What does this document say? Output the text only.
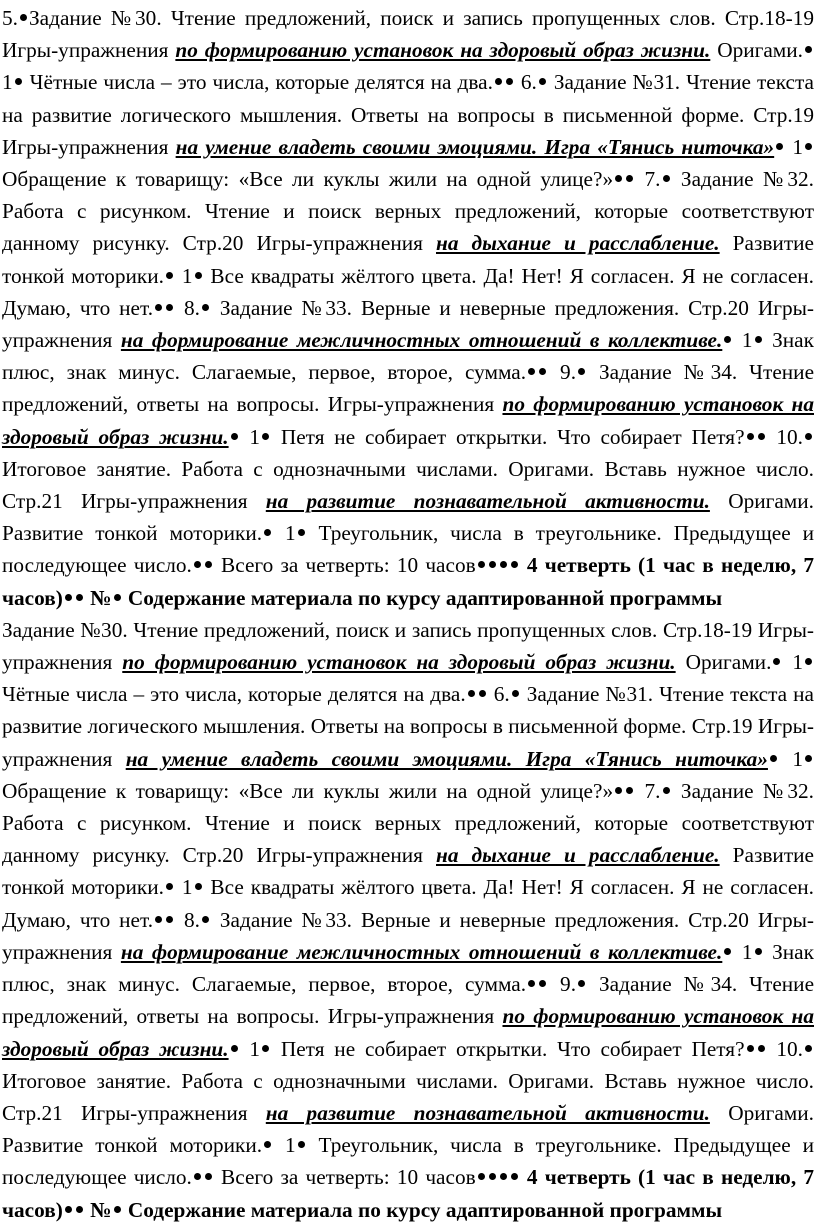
5. Задание №30. Чтение предложений, поиск и запись пропущенных слов. Стр.18-19 Игры-упражнения по формированию установок на здоровый образ жизни. Оригами. 1 Чётные числа – это числа, которые делятся на два. 6. Задание №31. Чтение текста на развитие логического мышления. Ответы на вопросы в письменной форме. Стр.19 Игры-упражнения на умение владеть своими эмоциями. Игра «Тянись ниточка» 1 Обращение к товарищу: «Все ли куклы жили на одной улице?» 7. Задание №32. Работа с рисунком. Чтение и поиск верных предложений, которые соответствуют данному рисунку. Стр.20 Игры-упражнения на дыхание и расслабление. Развитие тонкой моторики. 1 Все квадраты жёлтого цвета. Да! Нет! Я согласен. Я не согласен. Думаю, что нет. 8. Задание №33. Верные и неверные предложения. Стр.20 Игры-упражнения на формирование межличностных отношений в коллективе. 1 Знак плюс, знак минус. Слагаемые, первое, второе, сумма. 9. Задание №34. Чтение предложений, ответы на вопросы. Игры-упражнения по формированию установок на здоровый образ жизни. 1 Петя не собирает открытки. Что собирает Петя? 10. Итоговое занятие. Работа с однозначными числами. Оригами. Вставь нужное число. Стр.21 Игры-упражнения на развитие познавательной активности. Оригами. Развитие тонкой моторики. 1 Треугольник, числа в треугольнике. Предыдущее и последующее число. Всего за четверть: 10 часов 4 четверть (1 час в неделю, 7 часов) № Содержание материала по курсу адаптированной программы

Задание №30. Чтение предложений, поиск и запись пропущенных слов. Стр.18-19 Игры-упражнения по формированию установок на здоровый образ жизни. Оригами. 1 Чётные числа – это числа, которые делятся на два. 6. Задание №31. Чтение текста на развитие логического мышления. Ответы на вопросы в письменной форме. Стр.19 Игры-упражнения на умение владеть своими эмоциями. Игра «Тянись ниточка» 1 Обращение к товарищу: «Все ли куклы жили на одной улице?» 7. Задание №32. Работа с рисунком. Чтение и поиск верных предложений, которые соответствуют данному рисунку. Стр.20 Игры-упражнения на дыхание и расслабление. Развитие тонкой моторики. 1 Все квадраты жёлтого цвета. Да! Нет! Я согласен. Я не согласен. Думаю, что нет. 8. Задание №33. Верные и неверные предложения. Стр.20 Игры-упражнения на формирование межличностных отношений в коллективе. 1 Знак плюс, знак минус. Слагаемые, первое, второе, сумма. 9. Задание №34. Чтение предложений, ответы на вопросы. Игры-упражнения по формированию установок на здоровый образ жизни. 1 Петя не собирает открытки. Что собирает Петя? 10. Итоговое занятие. Работа с однозначными числами. Оригами. Вставь нужное число. Стр.21 Игры-упражнения на развитие познавательной активности. Оригами. Развитие тонкой моторики. 1 Треугольник, числа в треугольнике. Предыдущее и последующее число. Всего за четверть: 10 часов 4 четверть (1 час в неделю, 7 часов) № Содержание материала по курсу адаптированной программы
